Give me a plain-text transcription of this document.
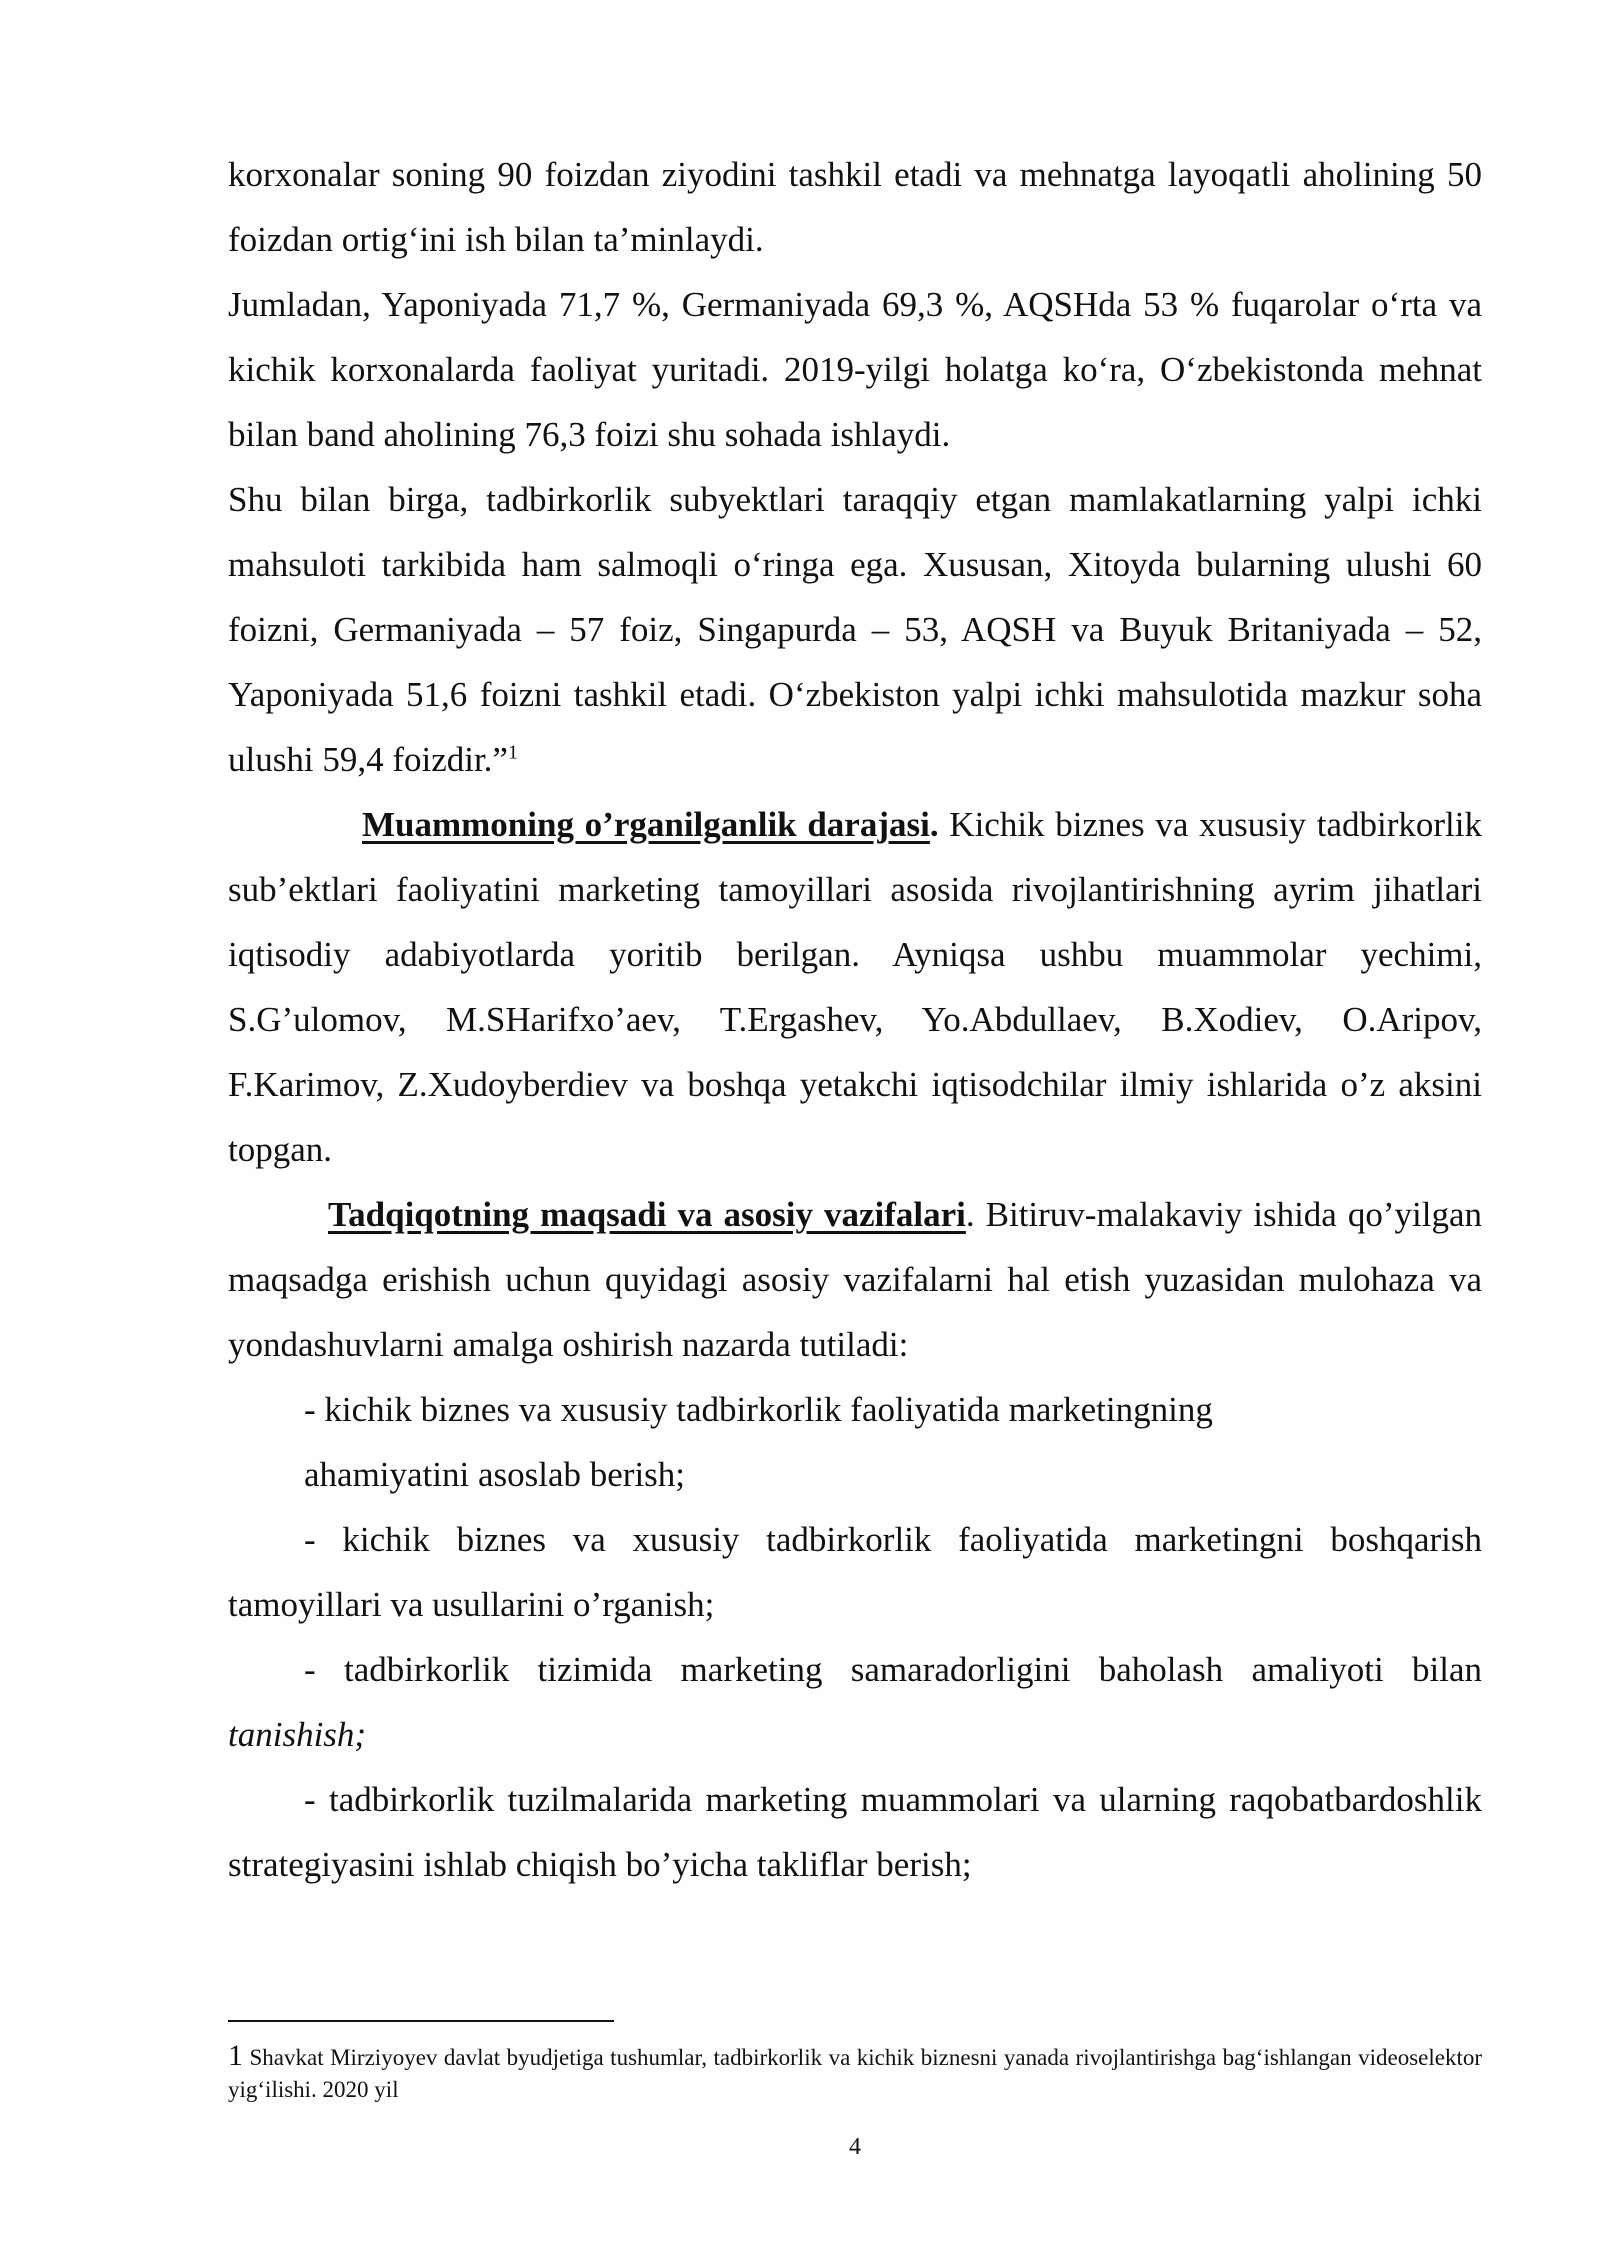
korxonalar soning 90 foizdan ziyodini tashkil etadi va mehnatga layoqatli aholining 50 foizdan ortig‘ini ish bilan ta’minlaydi.

Jumladan, Yaponiyada 71,7 %, Germaniyada 69,3 %, AQSHda 53 % fuqarolar o‘rta va kichik korxonalarda faoliyat yuritadi. 2019-yilgi holatga ko‘ra, O‘zbekistonda mehnat bilan band aholining 76,3 foizi shu sohada ishlaydi.

Shu bilan birga, tadbirkorlik subyektlari taraqqiy etgan mamlakatlarning yalpi ichki mahsuloti tarkibida ham salmoqli o‘ringa ega. Xususan, Xitoyda bularning ulushi 60 foizni, Germaniyada – 57 foiz, Singapurda – 53, AQSH va Buyuk Britaniyada – 52, Yaponiyada 51,6 foizni tashkil etadi. O‘zbekiston yalpi ichki mahsulotida mazkur soha ulushi 59,4 foizdir.”$^1$

Muammoning o’rganilganlik darajasi. Kichik biznes va xususiy tadbirkorlik sub’ektlari faoliyatini marketing tamoyillari asosida rivojlantirishning ayrim jihatlari iqtisodiy adabiyotlarda yoritib berilgan. Ayniqsa ushbu muammolar yechimi, S.G’ulomov, M.SHarifxo’aev, T.Ergashev, Yo.Abdullaev, B.Xodiev, O.Aripov, F.Karimov, Z.Xudoyberdiev va boshqa yetakchi iqtisodchilar ilmiy ishlarida o’z aksini topgan.

Tadqiqotning maqsadi va asosiy vazifalari. Bitiruv-malakaviy ishida qo’yilgan maqsadga erishish uchun quyidagi asosiy vazifalarni hal etish yuzasidan mulohaza va yondashuvlarni amalga oshirish nazarda tutiladi:

- kichik biznes va xususiy tadbirkorlik faoliyatida marketingning

ahamiyatini asoslab berish;

- kichik biznes va xususiy tadbirkorlik faoliyatida marketingni boshqarish tamoyillari va usullarini o’rganish;

- tadbirkorlik tizimida marketing samaradorligini baholash amaliyoti bilan tanishish;

- tadbirkorlik tuzilmalarida marketing muammolari va ularning raqobatbardoshlik strategiyasini ishlab chiqish bo’yicha takliflar berish;

1 Shavkat Mirziyoyev davlat byudjetiga tushumlar, tadbirkorlik va kichik biznesni yanada rivojlantirishga bag‘ishlangan videoselektor yig‘ilishi. 2020 yil
4
